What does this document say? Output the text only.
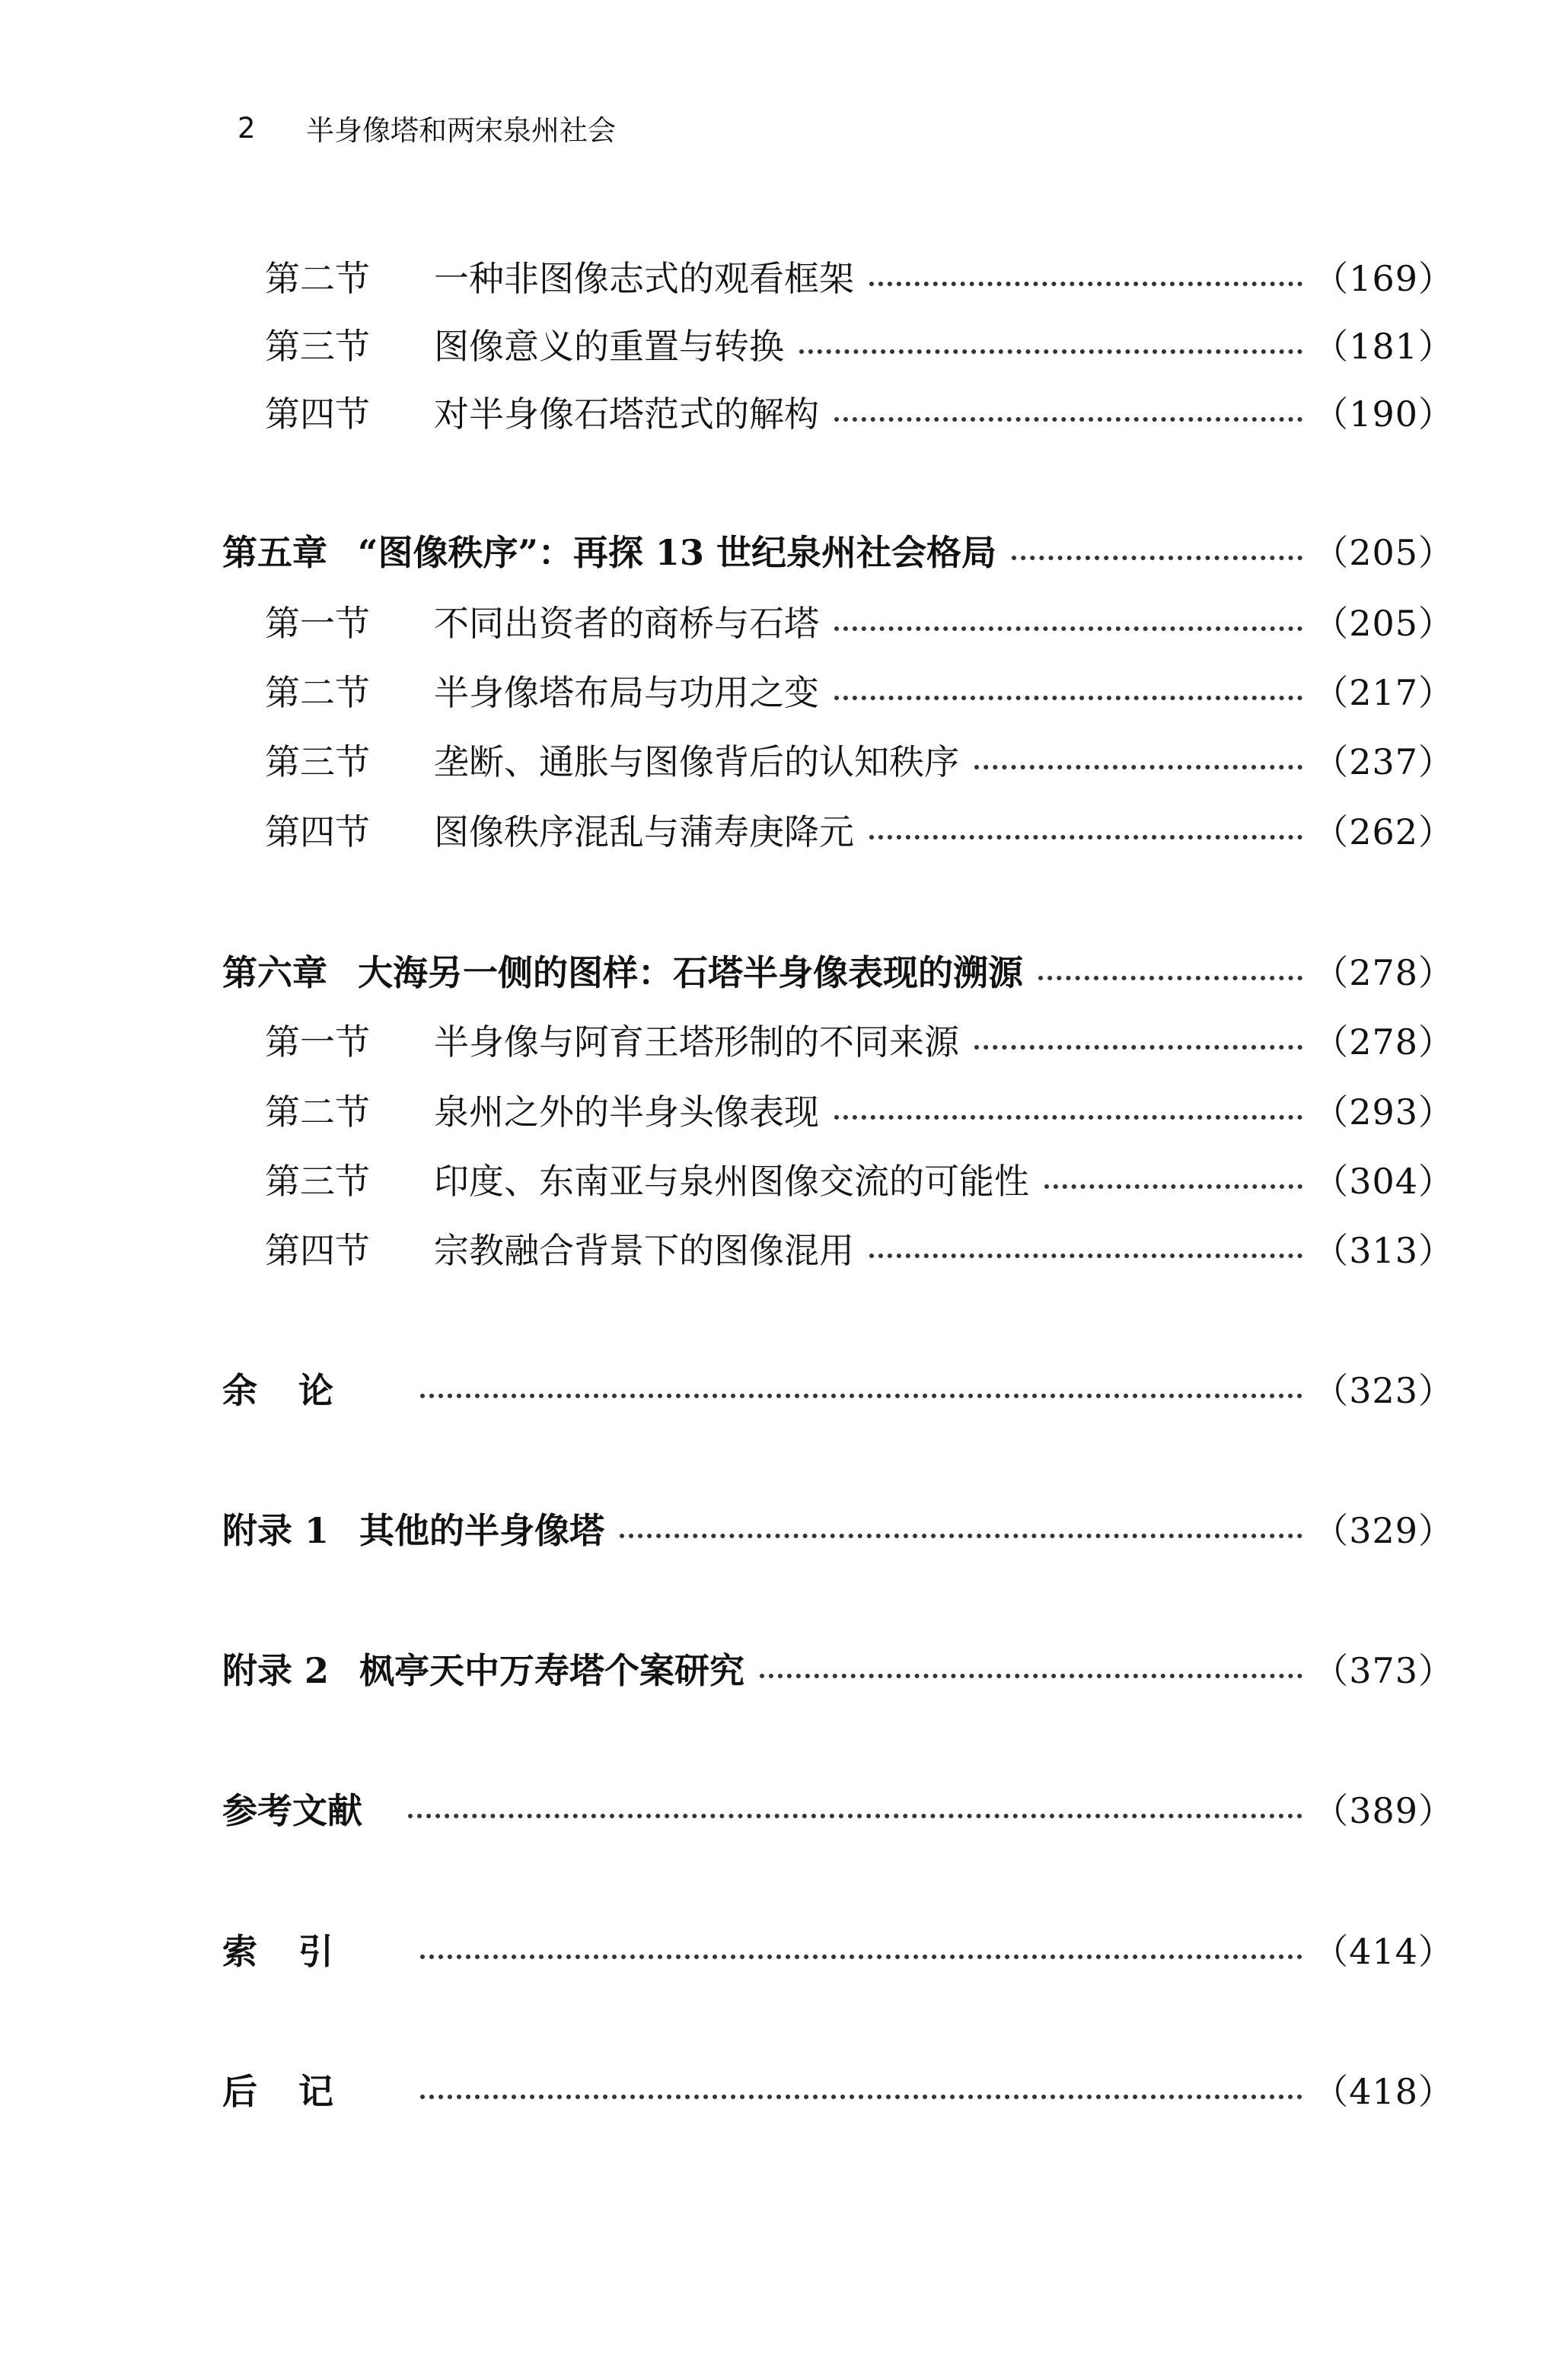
2	半身像塔和两宋泉州社会
第二节	一种非图像志式的观看框架	（169）
第三节	图像意义的重置与转换	（181）
第四节	对半身像石塔范式的解构	（190）
第五章 “图像秩序”：再探 13 世纪泉州社会格局	（205）
第一节	不同出资者的商桥与石塔	（205）
第二节	半身像塔布局与功用之变	（217）
第三节	垄断、通胀与图像背后的认知秩序	（237）
第四节	图像秩序混乱与蒲寿庚降元	（262）
第六章 大海另一侧的图样：石塔半身像表现的溯源	（278）
第一节	半身像与阿育王塔形制的不同来源	（278）
第二节	泉州之外的半身头像表现	（293）
第三节	印度、东南亚与泉州图像交流的可能性	（304）
第四节	宗教融合背景下的图像混用	（313）
余论	（323）
附录 1 其他的半身像塔	（329）
附录 2 枫亭天中万寿塔个案研究	（373）
参考文献	（389）
索引	（414）
后记	（418）
